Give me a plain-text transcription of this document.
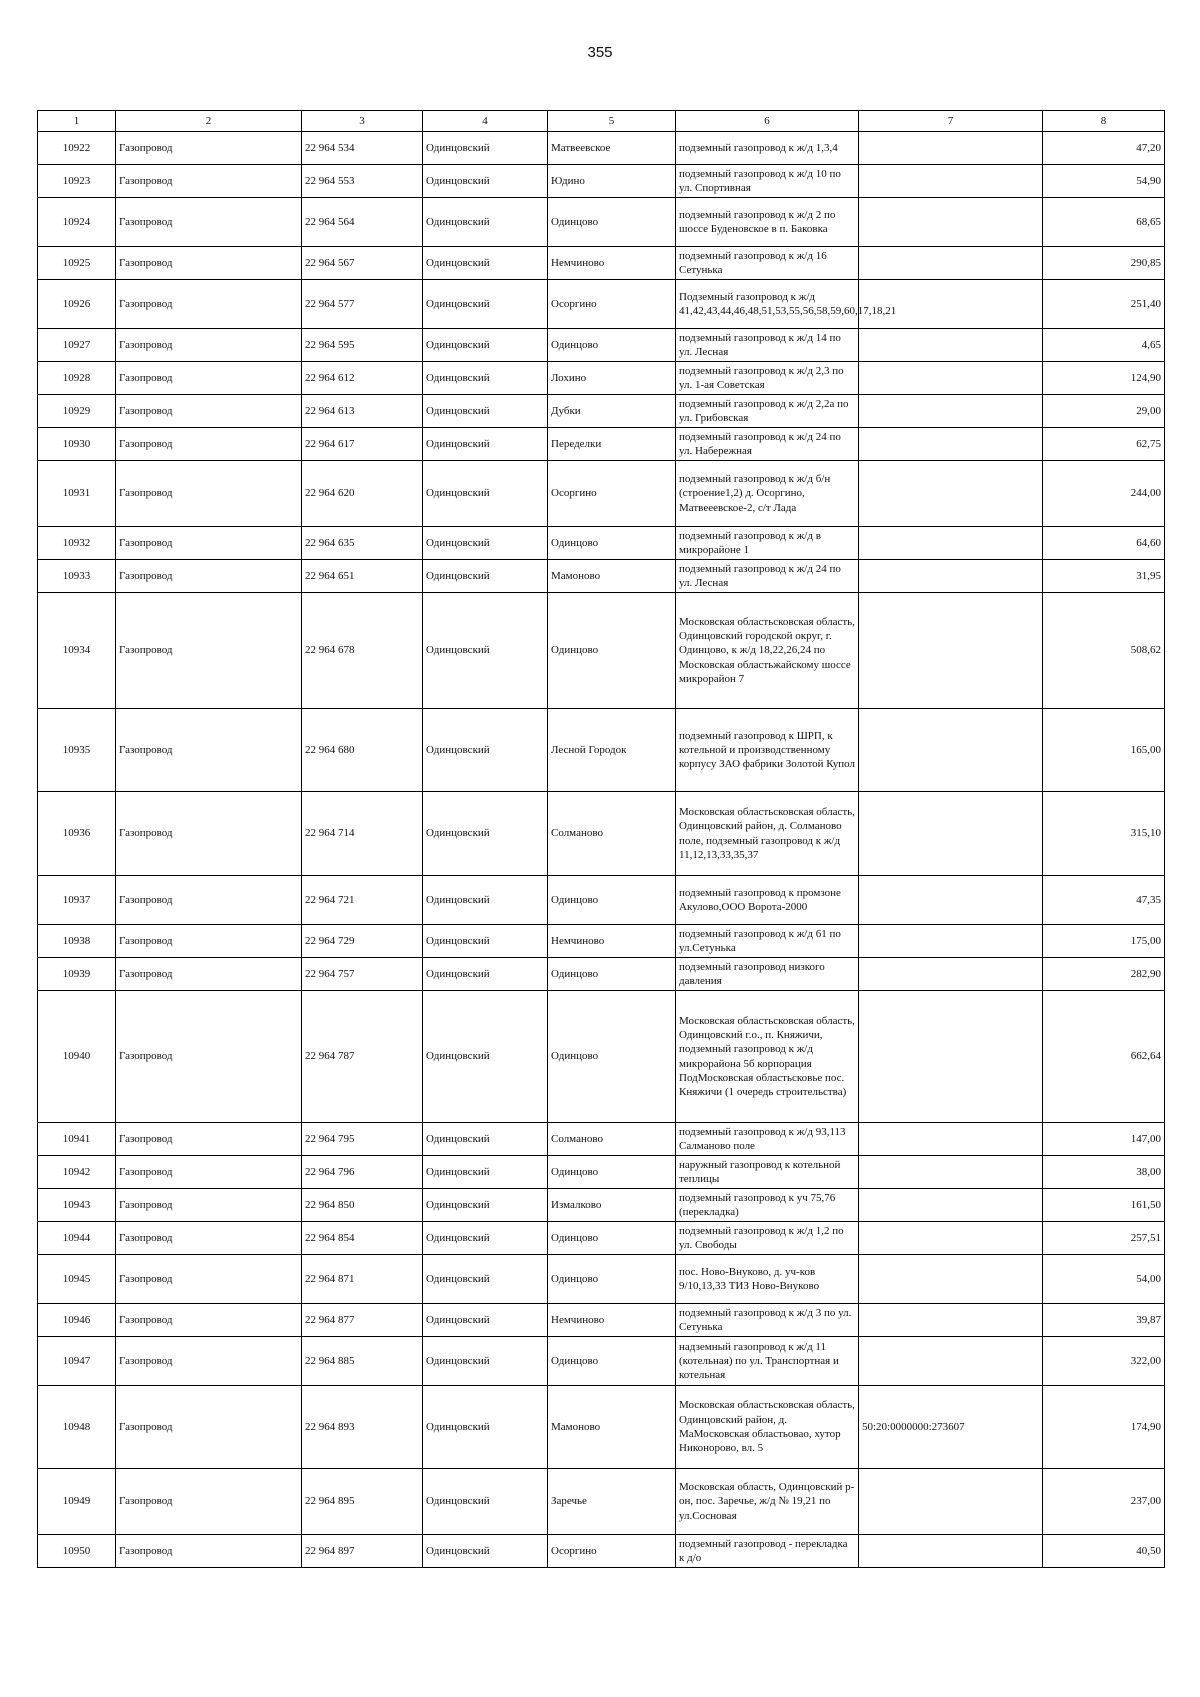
355
1	2	3	4	5	6	7	8
10922	Газопровод	22 964 534	Одинцовский	Матвеевское	подземный газопровод к ж/д 1,3,4		47,20
10923	Газопровод	22 964 553	Одинцовский	Юдино	подземный газопровод к ж/д 10 по ул. Спортивная		54,90
10924	Газопровод	22 964 564	Одинцовский	Одинцово	подземный газопровод к ж/д 2 по шоссе Буденовское в п. Баковка		68,65
10925	Газопровод	22 964 567	Одинцовский	Немчиново	подземный газопровод к ж/д 16 Сетунька		290,85
10926	Газопровод	22 964 577	Одинцовский	Осоргино	Подземный газопровод к ж/д 41,42,43,44,46,48,51,53,55,56,58,59,60,17,18,21		251,40
10927	Газопровод	22 964 595	Одинцовский	Одинцово	подземный газопровод к ж/д 14 по ул. Лесная		4,65
10928	Газопровод	22 964 612	Одинцовский	Лохино	подземный газопровод к ж/д 2,3 по ул. 1-ая Советская		124,90
10929	Газопровод	22 964 613	Одинцовский	Дубки	подземный газопровод к ж/д 2,2а по ул. Грибовская		29,00
10930	Газопровод	22 964 617	Одинцовский	Переделки	подземный газопровод к ж/д 24 по ул. Набережная		62,75
10931	Газопровод	22 964 620	Одинцовский	Осоргино	подземный газопровод к ж/д б/н (строение1,2) д. Осоргино, Матвееевское-2, с/т Лада		244,00
10932	Газопровод	22 964 635	Одинцовский	Одинцово	подземный газопровод к ж/д в микрорайоне 1		64,60
10933	Газопровод	22 964 651	Одинцовский	Мамоново	подземный газопровод к ж/д 24 по ул. Лесная		31,95
10934	Газопровод	22 964 678	Одинцовский	Одинцово	Московская областьсковская область, Одинцовский городской округ, г. Одинцово, к ж/д 18,22,26,24 по Московская областьжайскому шоссе микрорайон 7		508,62
10935	Газопровод	22 964 680	Одинцовский	Лесной Городок	подземный газопровод к ШРП, к котельной и производственному корпусу ЗАО фабрики Золотой Купол		165,00
10936	Газопровод	22 964 714	Одинцовский	Солманово	Московская областьсковская область, Одинцовский район, д. Солманово поле, подземный газопровод к ж/д 11,12,13,33,35,37		315,10
10937	Газопровод	22 964 721	Одинцовский	Одинцово	подземный газопровод к промзоне Акулово,ООО Ворота-2000		47,35
10938	Газопровод	22 964 729	Одинцовский	Немчиново	подземный газопровод к ж/д 61 по ул.Сетунька		175,00
10939	Газопровод	22 964 757	Одинцовский	Одинцово	подземный газопровод низкого давления		282,90
10940	Газопровод	22 964 787	Одинцовский	Одинцово	Московская областьсковская область, Одинцовский г.о., п. Княжичи, подземный газопровод к ж/д микрорайона 5б корпорация ПодМосковская областьсковье пос. Княжичи (1 очередь строительства)		662,64
10941	Газопровод	22 964 795	Одинцовский	Солманово	подземный газопровод к ж/д 93,113 Салманово поле		147,00
10942	Газопровод	22 964 796	Одинцовский	Одинцово	наружный газопровод к котельной теплицы		38,00
10943	Газопровод	22 964 850	Одинцовский	Измалково	подземный газопровод к уч 75,76 (перекладка)		161,50
10944	Газопровод	22 964 854	Одинцовский	Одинцово	подземный газопровод к ж/д 1,2 по ул. Свободы		257,51
10945	Газопровод	22 964 871	Одинцовский	Одинцово	пос. Ново-Внуково, д. уч-ков 9/10,13,33 ТИЗ Ново-Внуково		54,00
10946	Газопровод	22 964 877	Одинцовский	Немчиново	подземный газопровод к ж/д 3 по ул. Сетунька		39,87
10947	Газопровод	22 964 885	Одинцовский	Одинцово	надземный газопровод к ж/д 11 (котельная) по ул. Транспортная и котельная		322,00
10948	Газопровод	22 964 893	Одинцовский	Мамоново	Московская областьсковская область, Одинцовский район, д. МаМосковская областьовао, хутор Никонорово, вл. 5	50:20:0000000:273607	174,90
10949	Газопровод	22 964 895	Одинцовский	Заречье	Московская область, Одинцовский р-он, пос. Заречье, ж/д № 19,21 по ул.Сосновая		237,00
10950	Газопровод	22 964 897	Одинцовский	Осоргино	подземный газопровод - перекладка к д/о		40,50
